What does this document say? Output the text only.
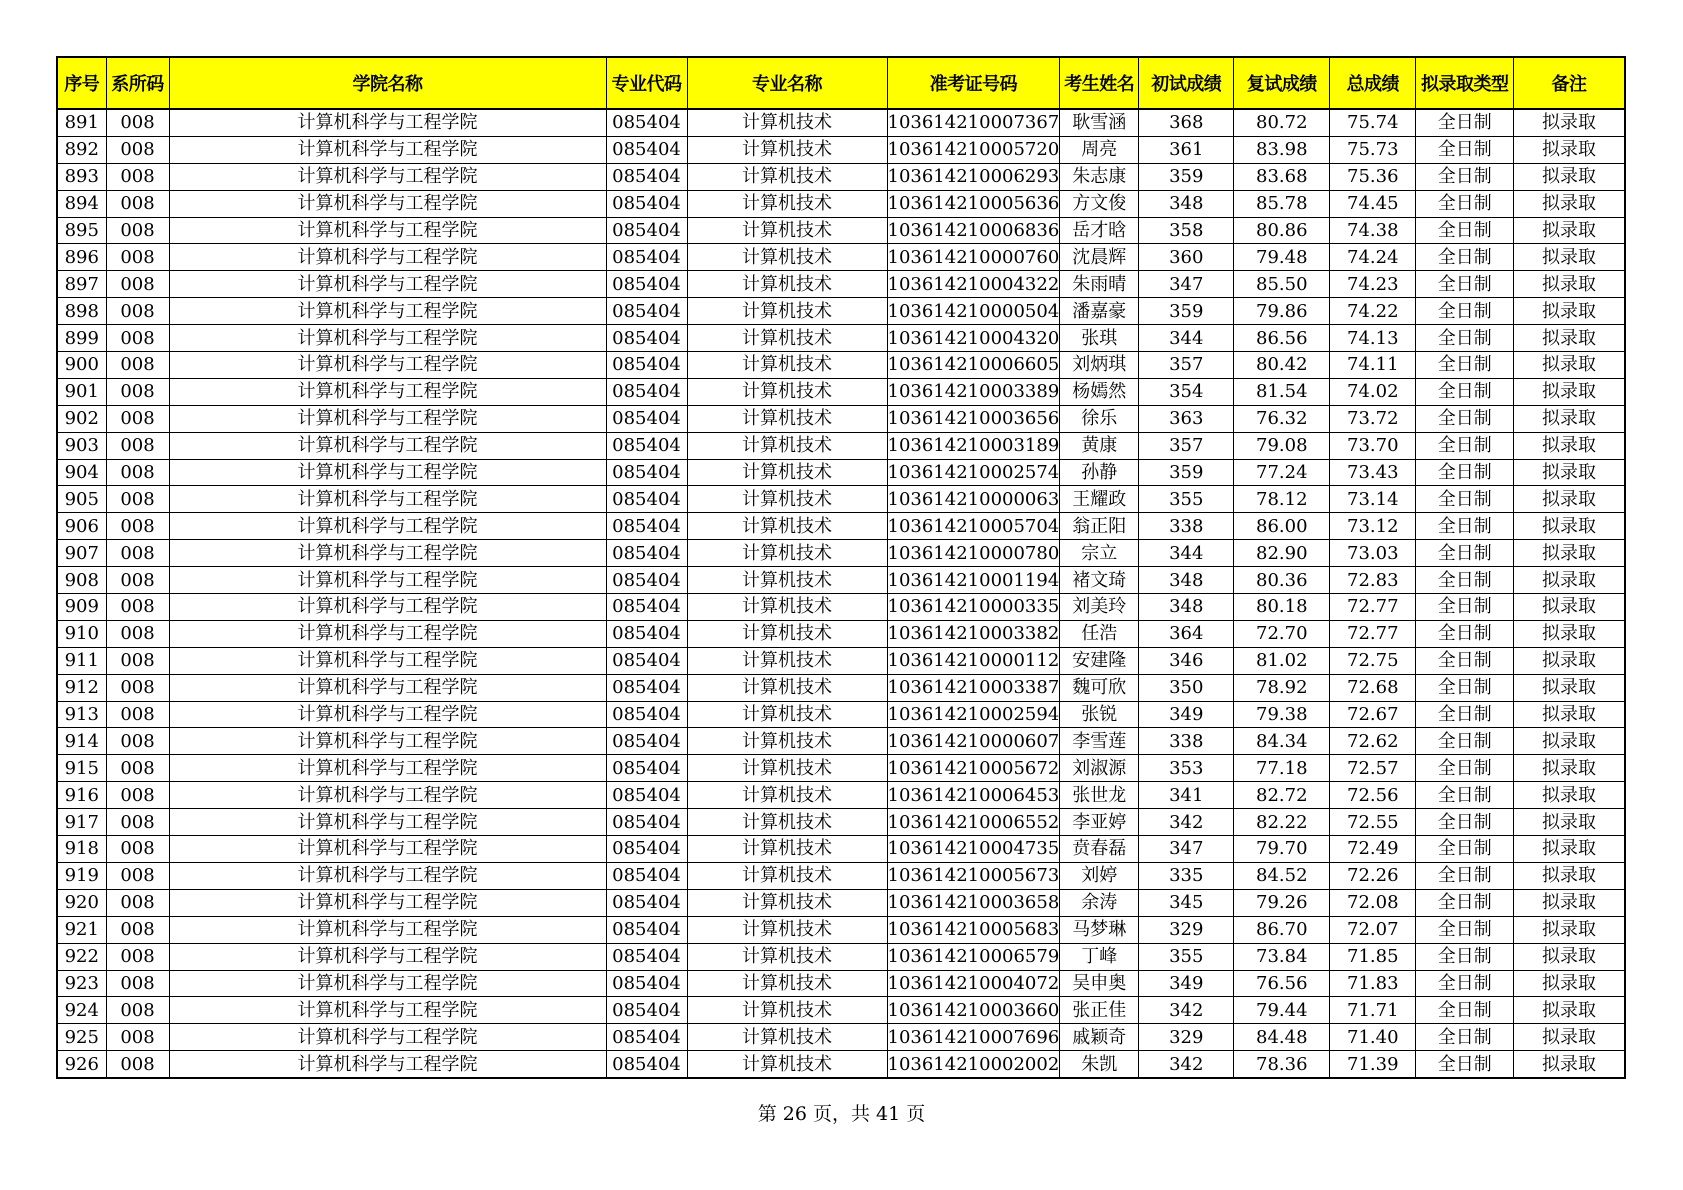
序号	系所码	学院名称	专业代码	专业名称	准考证号码	考生姓名	初试成绩	复试成绩	总成绩	拟录取类型	备注
891	008	计算机科学与工程学院	085404	计算机技术	103614210007367	耿雪涵	368	80.72	75.74	全日制	拟录取
892	008	计算机科学与工程学院	085404	计算机技术	103614210005720	周亮	361	83.98	75.73	全日制	拟录取
893	008	计算机科学与工程学院	085404	计算机技术	103614210006293	朱志康	359	83.68	75.36	全日制	拟录取
894	008	计算机科学与工程学院	085404	计算机技术	103614210005636	方文俊	348	85.78	74.45	全日制	拟录取
895	008	计算机科学与工程学院	085404	计算机技术	103614210006836	岳才晗	358	80.86	74.38	全日制	拟录取
896	008	计算机科学与工程学院	085404	计算机技术	103614210000760	沈晨辉	360	79.48	74.24	全日制	拟录取
897	008	计算机科学与工程学院	085404	计算机技术	103614210004322	朱雨晴	347	85.50	74.23	全日制	拟录取
898	008	计算机科学与工程学院	085404	计算机技术	103614210000504	潘嘉豪	359	79.86	74.22	全日制	拟录取
899	008	计算机科学与工程学院	085404	计算机技术	103614210004320	张琪	344	86.56	74.13	全日制	拟录取
900	008	计算机科学与工程学院	085404	计算机技术	103614210006605	刘炳琪	357	80.42	74.11	全日制	拟录取
901	008	计算机科学与工程学院	085404	计算机技术	103614210003389	杨嫣然	354	81.54	74.02	全日制	拟录取
902	008	计算机科学与工程学院	085404	计算机技术	103614210003656	徐乐	363	76.32	73.72	全日制	拟录取
903	008	计算机科学与工程学院	085404	计算机技术	103614210003189	黄康	357	79.08	73.70	全日制	拟录取
904	008	计算机科学与工程学院	085404	计算机技术	103614210002574	孙静	359	77.24	73.43	全日制	拟录取
905	008	计算机科学与工程学院	085404	计算机技术	103614210000063	王耀政	355	78.12	73.14	全日制	拟录取
906	008	计算机科学与工程学院	085404	计算机技术	103614210005704	翁正阳	338	86.00	73.12	全日制	拟录取
907	008	计算机科学与工程学院	085404	计算机技术	103614210000780	宗立	344	82.90	73.03	全日制	拟录取
908	008	计算机科学与工程学院	085404	计算机技术	103614210001194	褚文琦	348	80.36	72.83	全日制	拟录取
909	008	计算机科学与工程学院	085404	计算机技术	103614210000335	刘美玲	348	80.18	72.77	全日制	拟录取
910	008	计算机科学与工程学院	085404	计算机技术	103614210003382	任浩	364	72.70	72.77	全日制	拟录取
911	008	计算机科学与工程学院	085404	计算机技术	103614210000112	安建隆	346	81.02	72.75	全日制	拟录取
912	008	计算机科学与工程学院	085404	计算机技术	103614210003387	魏可欣	350	78.92	72.68	全日制	拟录取
913	008	计算机科学与工程学院	085404	计算机技术	103614210002594	张锐	349	79.38	72.67	全日制	拟录取
914	008	计算机科学与工程学院	085404	计算机技术	103614210000607	李雪莲	338	84.34	72.62	全日制	拟录取
915	008	计算机科学与工程学院	085404	计算机技术	103614210005672	刘淑源	353	77.18	72.57	全日制	拟录取
916	008	计算机科学与工程学院	085404	计算机技术	103614210006453	张世龙	341	82.72	72.56	全日制	拟录取
917	008	计算机科学与工程学院	085404	计算机技术	103614210006552	李亚婷	342	82.22	72.55	全日制	拟录取
918	008	计算机科学与工程学院	085404	计算机技术	103614210004735	贲春磊	347	79.70	72.49	全日制	拟录取
919	008	计算机科学与工程学院	085404	计算机技术	103614210005673	刘婷	335	84.52	72.26	全日制	拟录取
920	008	计算机科学与工程学院	085404	计算机技术	103614210003658	余涛	345	79.26	72.08	全日制	拟录取
921	008	计算机科学与工程学院	085404	计算机技术	103614210005683	马梦琳	329	86.70	72.07	全日制	拟录取
922	008	计算机科学与工程学院	085404	计算机技术	103614210006579	丁峰	355	73.84	71.85	全日制	拟录取
923	008	计算机科学与工程学院	085404	计算机技术	103614210004072	吴申奥	349	76.56	71.83	全日制	拟录取
924	008	计算机科学与工程学院	085404	计算机技术	103614210003660	张正佳	342	79.44	71.71	全日制	拟录取
925	008	计算机科学与工程学院	085404	计算机技术	103614210007696	戚颖奇	329	84.48	71.40	全日制	拟录取
926	008	计算机科学与工程学院	085404	计算机技术	103614210002002	朱凯	342	78.36	71.39	全日制	拟录取
第 26 页，共 41 页
